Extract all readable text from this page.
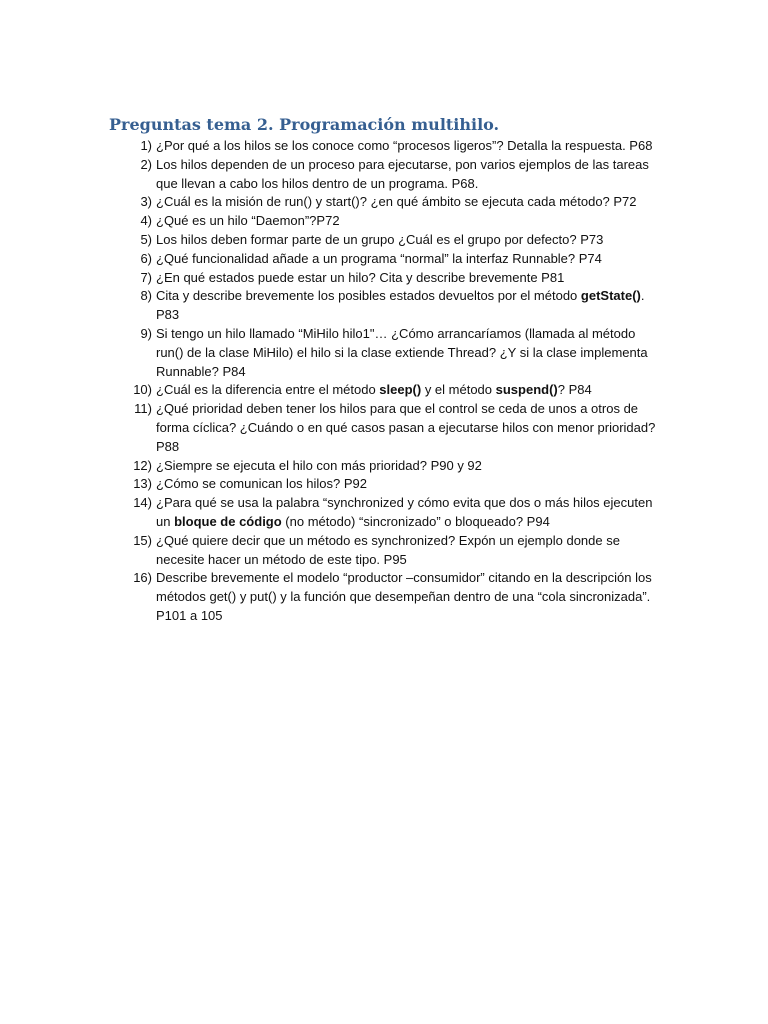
Preguntas tema 2. Programación multihilo.
1) ¿Por qué a los hilos se los conoce como “procesos ligeros”? Detalla la respuesta. P68
2) Los hilos dependen de un proceso para ejecutarse, pon varios ejemplos de las tareas que llevan a cabo los hilos dentro de un programa. P68.
3) ¿Cuál es la misión de run() y start()? ¿en qué ámbito se ejecuta cada método? P72
4) ¿Qué es un hilo “Daemon”?P72
5) Los hilos deben formar parte de un grupo ¿Cuál es el grupo por defecto? P73
6) ¿Qué funcionalidad añade a un programa “normal” la interfaz Runnable? P74
7) ¿En qué estados puede estar un hilo? Cita y describe brevemente P81
8) Cita y describe brevemente los posibles estados devueltos por el método getState(). P83
9) Si tengo un hilo llamado “MiHilo hilo1"… ¿Cómo arrancaríamos (llamada al método run() de la clase MiHilo) el hilo si la clase extiende Thread? ¿Y si la clase implementa Runnable? P84
10) ¿Cuál es la diferencia entre el método sleep() y el método suspend()? P84
11) ¿Qué prioridad deben tener los hilos para que el control se ceda de unos a otros de forma cíclica? ¿Cuándo o en qué casos pasan a ejecutarse hilos con menor prioridad? P88
12) ¿Siempre se ejecuta el hilo con más prioridad? P90 y 92
13) ¿Cómo se comunican los hilos? P92
14) ¿Para qué se usa la palabra “synchronized y cómo evita que dos o más hilos ejecuten un bloque de código (no método) “sincronizado” o bloqueado? P94
15) ¿Qué quiere decir que un método es synchronized? Expón un ejemplo donde se necesite hacer un método de este tipo. P95
16) Describe brevemente el modelo “productor –consumidor” citando en la descripción los métodos get() y put() y la función que desempeñan dentro de una “cola sincronizada”. P101 a 105
